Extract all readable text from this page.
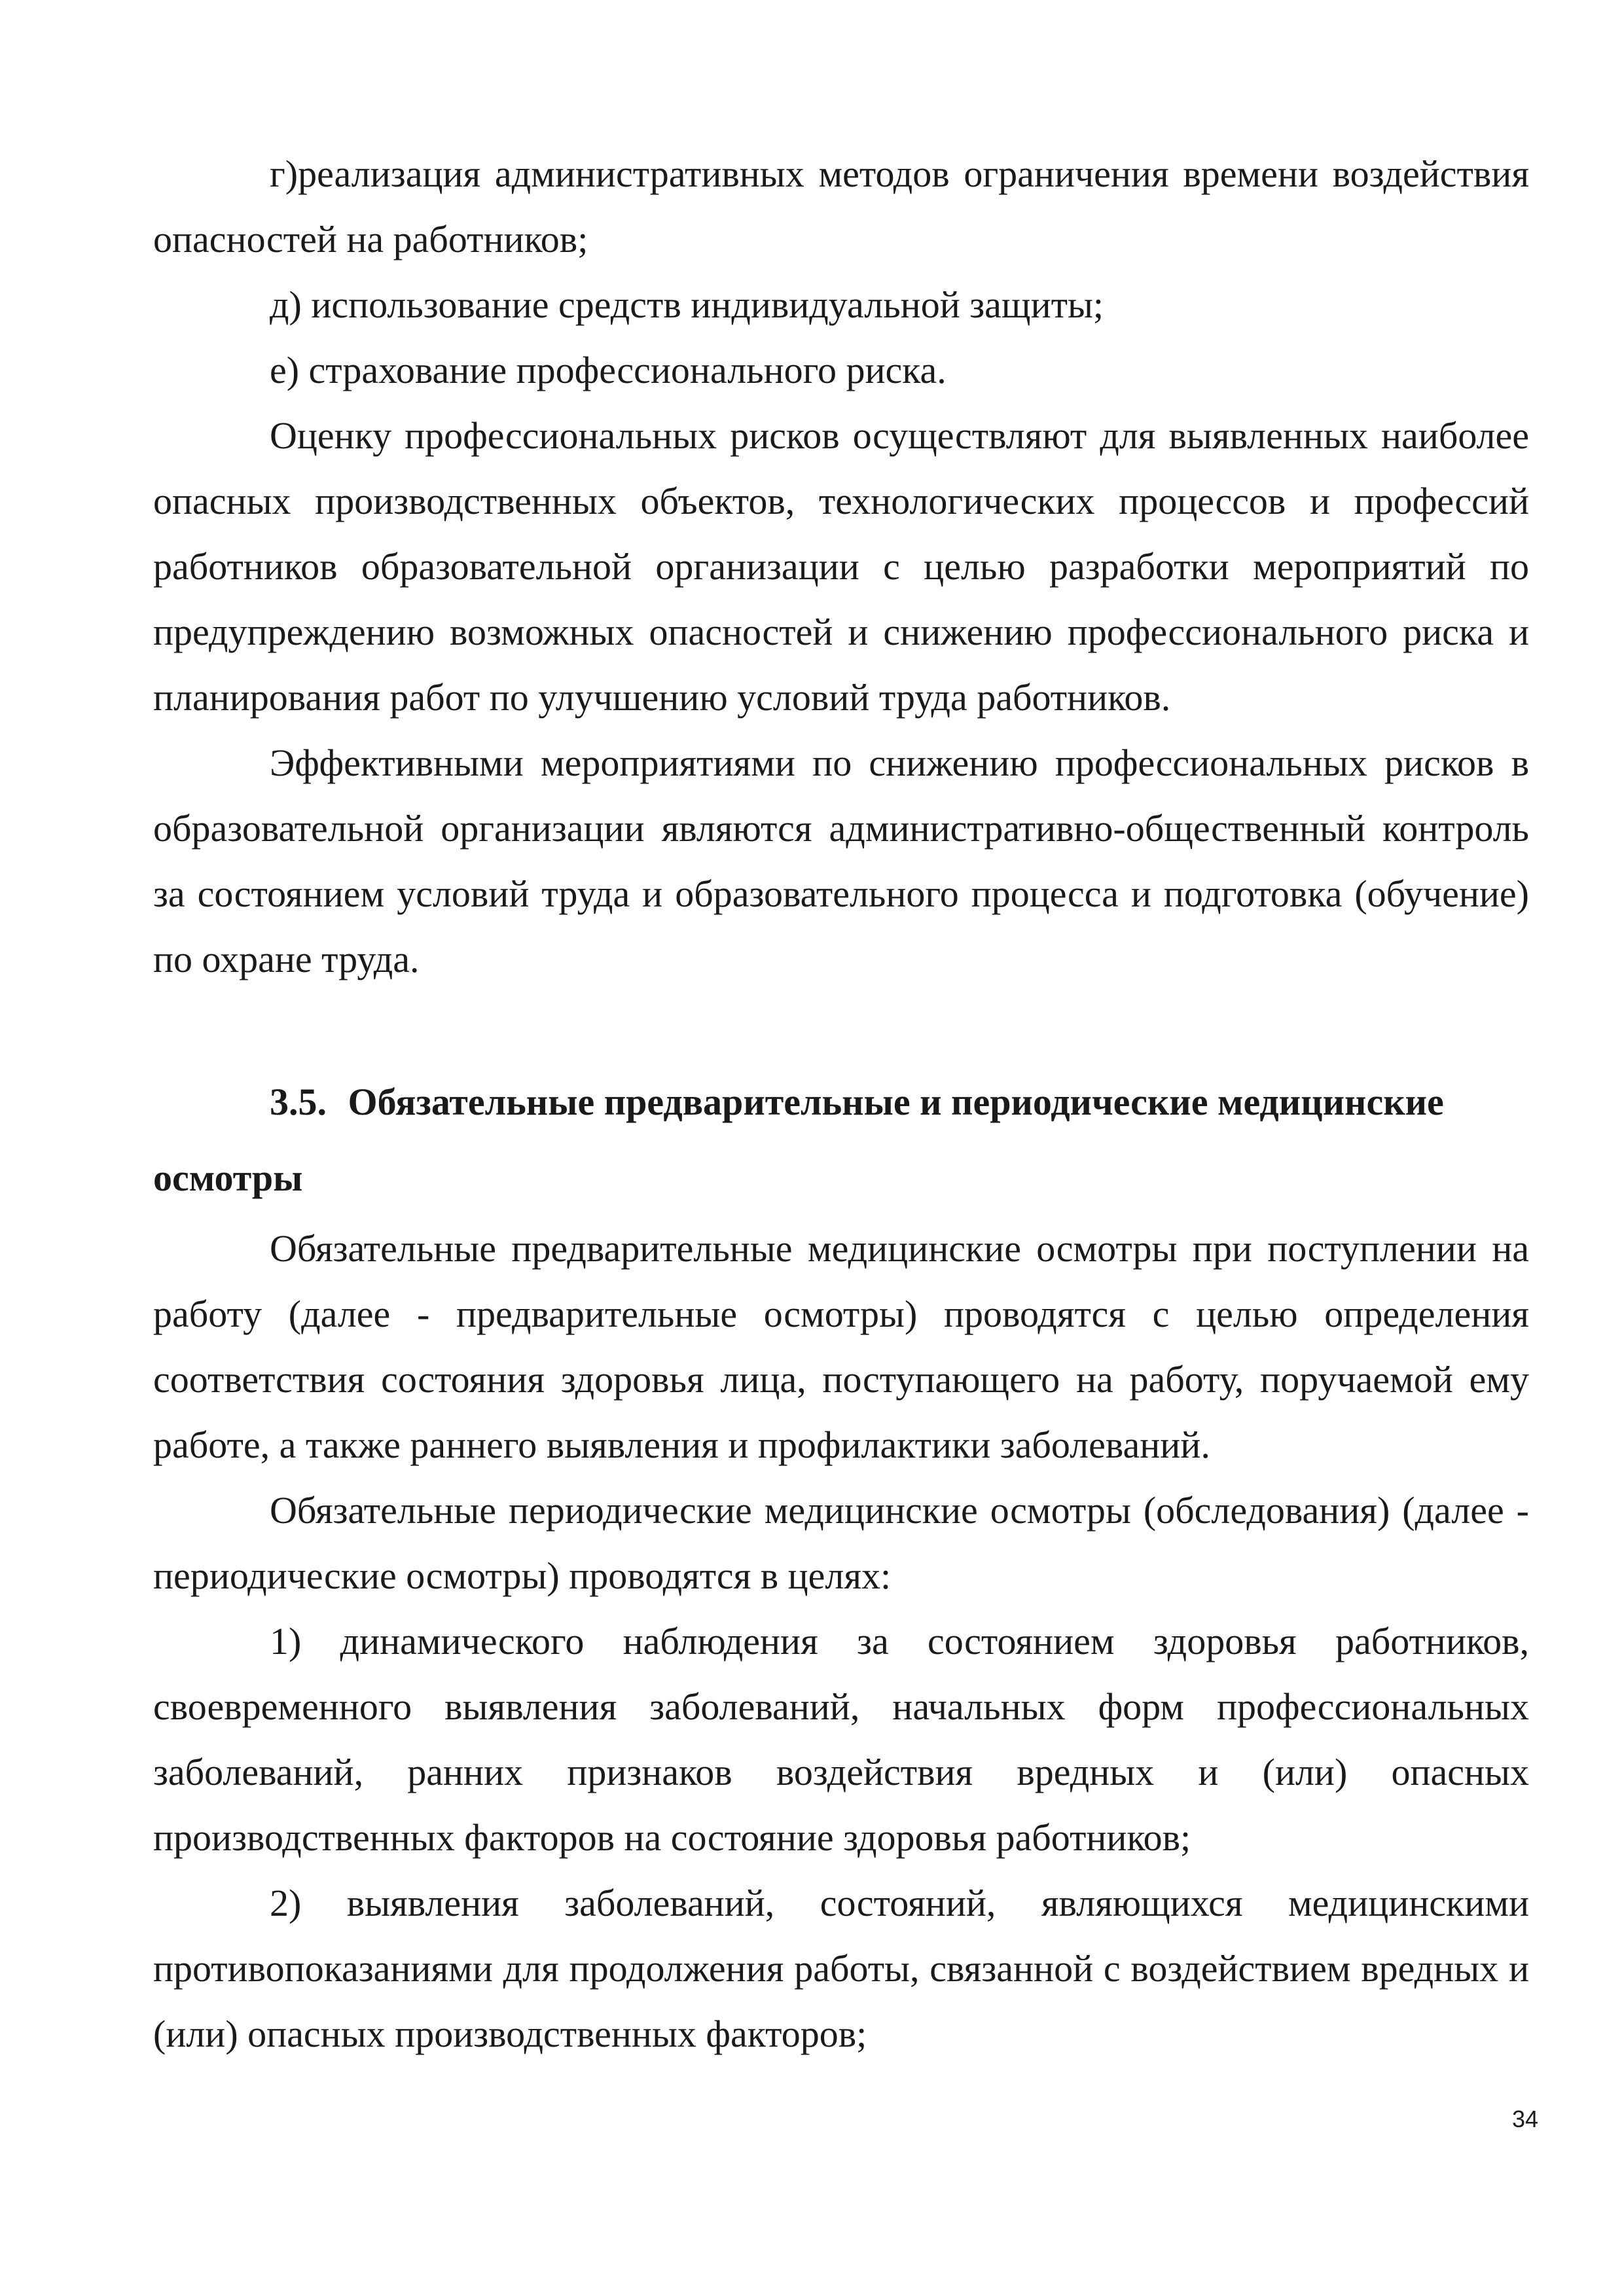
г)реализация административных методов ограничения времени воздействия опасностей на работников;

д) использование средств индивидуальной защиты;

е) страхование профессионального риска.

Оценку профессиональных рисков осуществляют для выявленных наиболее опасных производственных объектов, технологических процессов и профессий работников образовательной организации с целью разработки мероприятий по предупреждению возможных опасностей и снижению профессионального риска и планирования работ по улучшению условий труда работников.

Эффективными мероприятиями по снижению профессиональных рисков в образовательной организации являются административно-общественный контроль за состоянием условий труда и образовательного процесса и подготовка (обучение) по охране труда.

3.5. Обязательные предварительные и периодические медицинские осмотры

Обязательные предварительные медицинские осмотры при поступлении на работу (далее - предварительные осмотры) проводятся с целью определения соответствия состояния здоровья лица, поступающего на работу, поручаемой ему работе, а также раннего выявления и профилактики заболеваний.

Обязательные периодические медицинские осмотры (обследования) (далее - периодические осмотры) проводятся в целях:

1) динамического наблюдения за состоянием здоровья работников, своевременного выявления заболеваний, начальных форм профессиональных заболеваний, ранних признаков воздействия вредных и (или) опасных производственных факторов на состояние здоровья работников;

2) выявления заболеваний, состояний, являющихся медицинскими противопоказаниями для продолжения работы, связанной с воздействием вредных и (или) опасных производственных факторов;

34
